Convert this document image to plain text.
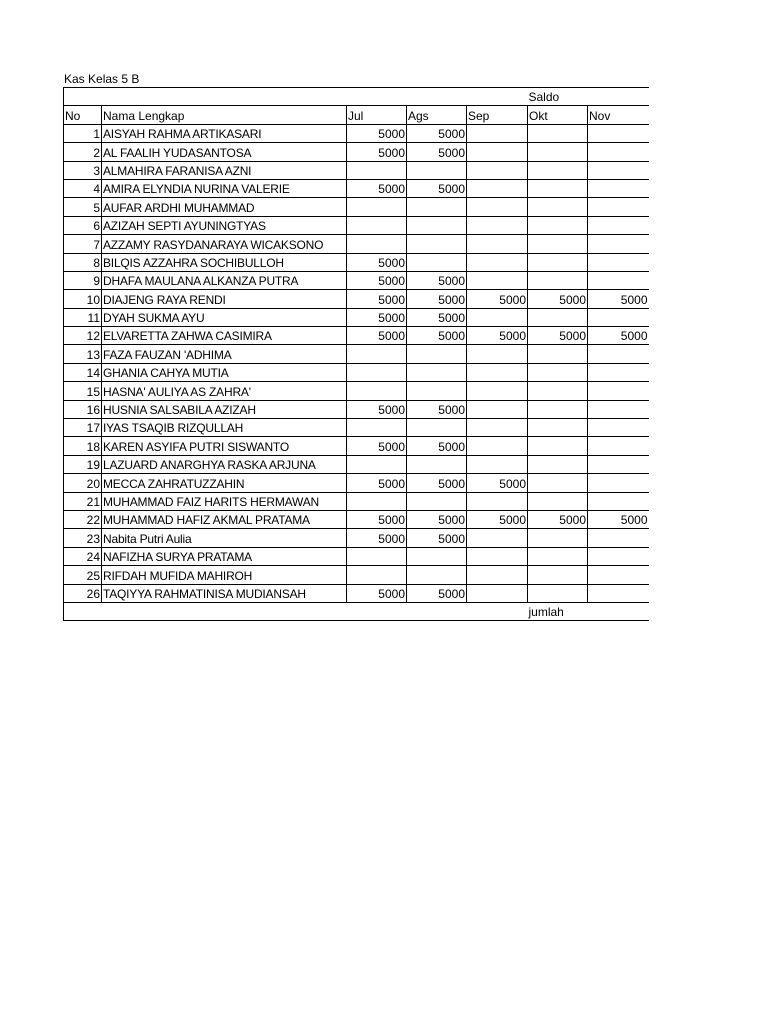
Kas Kelas 5 B
					Saldo	
No	Nama Lengkap	Jul	Ags	Sep	Okt	Nov
1	AISYAH RAHMA ARTIKASARI	5000	5000			
2	AL FAALIH YUDASANTOSA	5000	5000			
3	ALMAHIRA FARANISA AZNI					
4	AMIRA ELYNDIA NURINA VALERIE	5000	5000			
5	AUFAR ARDHI MUHAMMAD					
6	AZIZAH SEPTI AYUNINGTYAS					
7	AZZAMY RASYDANARAYA WICAKSONO					
8	BILQIS AZZAHRA SOCHIBULLOH	5000				
9	DHAFA MAULANA ALKANZA PUTRA	5000	5000			
10	DIAJENG RAYA RENDI	5000	5000	5000	5000	5000
11	DYAH SUKMA AYU	5000	5000			
12	ELVARETTA ZAHWA CASIMIRA	5000	5000	5000	5000	5000
13	FAZA FAUZAN 'ADHIMA					
14	GHANIA CAHYA MUTIA					
15	HASNA' AULIYA AS ZAHRA'					
16	HUSNIA SALSABILA AZIZAH	5000	5000			
17	IYAS TSAQIB RIZQULLAH					
18	KAREN ASYIFA PUTRI SISWANTO	5000	5000			
19	LAZUARD ANARGHYA RASKA ARJUNA					
20	MECCA ZAHRATUZZAHIN	5000	5000	5000		
21	MUHAMMAD FAIZ HARITS HERMAWAN					
22	MUHAMMAD HAFIZ AKMAL PRATAMA	5000	5000	5000	5000	5000
23	Nabita Putri Aulia	5000	5000			
24	NAFIZHA SURYA PRATAMA					
25	RIFDAH MUFIDA MAHIROH					
26	TAQIYYA RAHMATINISA MUDIANSAH	5000	5000			
					jumlah	
